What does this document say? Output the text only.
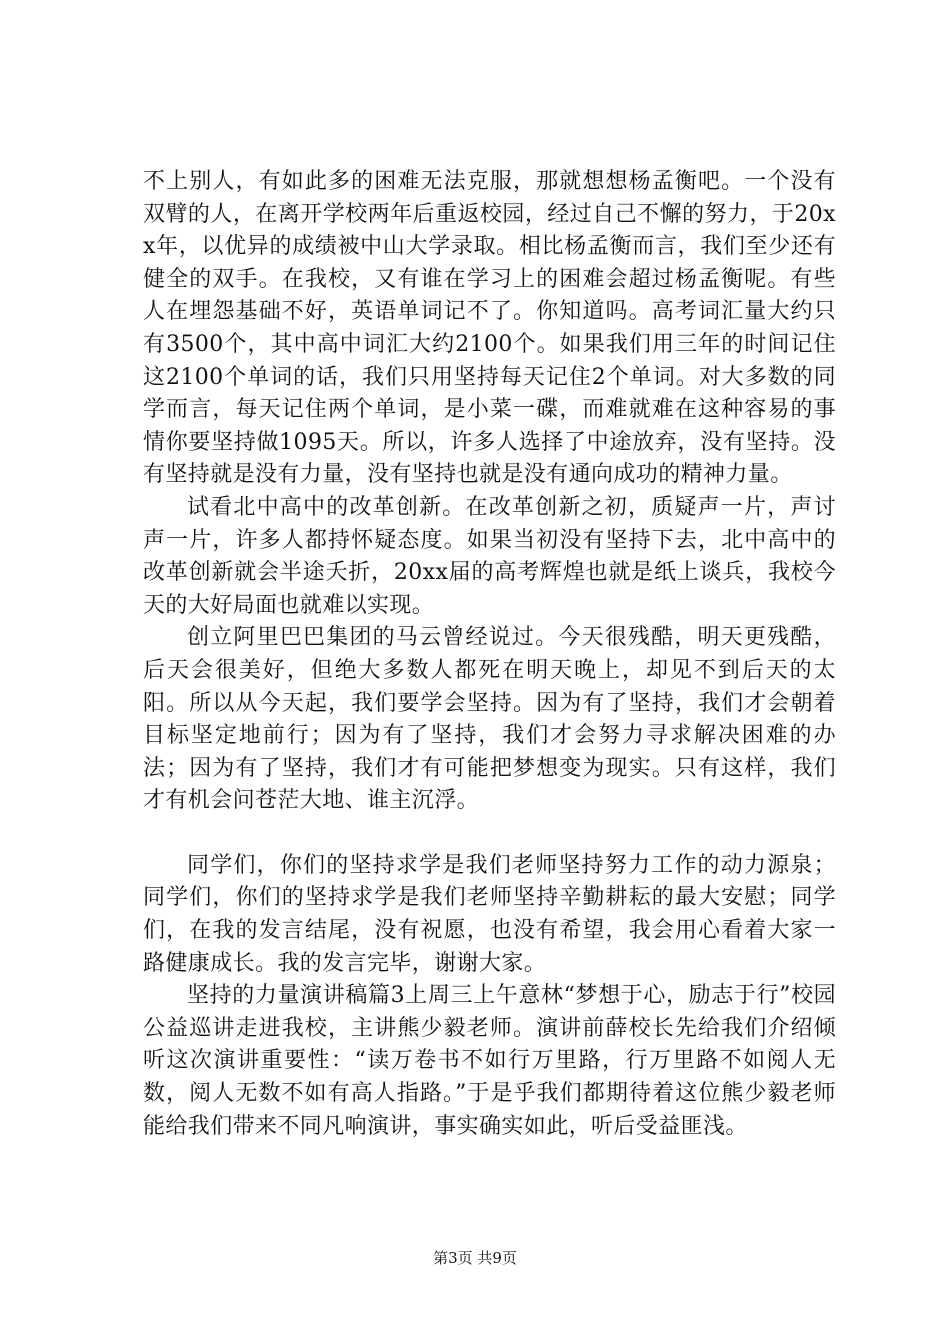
不上别人，有如此多的困难无法克服，那就想想杨孟衡吧。一个没有双臂的人，在离开学校两年后重返校园，经过自己不懈的努力，于20xx年，以优异的成绩被中山大学录取。相比杨孟衡而言，我们至少还有健全的双手。在我校，又有谁在学习上的困难会超过杨孟衡呢。有些人在埋怨基础不好，英语单词记不了。你知道吗。高考词汇量大约只有3500个，其中高中词汇大约2100个。如果我们用三年的时间记住这2100个单词的话，我们只用坚持每天记住2个单词。对大多数的同学而言，每天记住两个单词，是小菜一碟，而难就难在这种容易的事情你要坚持做1095天。所以，许多人选择了中途放弃，没有坚持。没有坚持就是没有力量，没有坚持也就是没有通向成功的精神力量。

试看北中高中的改革创新。在改革创新之初，质疑声一片，声讨声一片，许多人都持怀疑态度。如果当初没有坚持下去，北中高中的改革创新就会半途夭折，20xx届的高考辉煌也就是纸上谈兵，我校今天的大好局面也就难以实现。

创立阿里巴巴集团的马云曾经说过。今天很残酷，明天更残酷，后天会很美好，但绝大多数人都死在明天晚上，却见不到后天的太阳。所以从今天起，我们要学会坚持。因为有了坚持，我们才会朝着目标坚定地前行；因为有了坚持，我们才会努力寻求解决困难的办法；因为有了坚持，我们才有可能把梦想变为现实。只有这样，我们才有机会问苍茫大地、谁主沉浮。

同学们，你们的坚持求学是我们老师坚持努力工作的动力源泉；同学们，你们的坚持求学是我们老师坚持辛勤耕耘的最大安慰；同学们，在我的发言结尾，没有祝愿，也没有希望，我会用心看着大家一路健康成长。我的发言完毕，谢谢大家。

坚持的力量演讲稿篇3上周三上午意林“梦想于心，励志于行”校园公益巡讲走进我校，主讲熊少毅老师。演讲前薛校长先给我们介绍倾听这次演讲重要性：“读万卷书不如行万里路，行万里路不如阅人无数，阅人无数不如有高人指路。”于是乎我们都期待着这位熊少毅老师能给我们带来不同凡响演讲，事实确实如此，听后受益匪浅。

第3页 共9页
